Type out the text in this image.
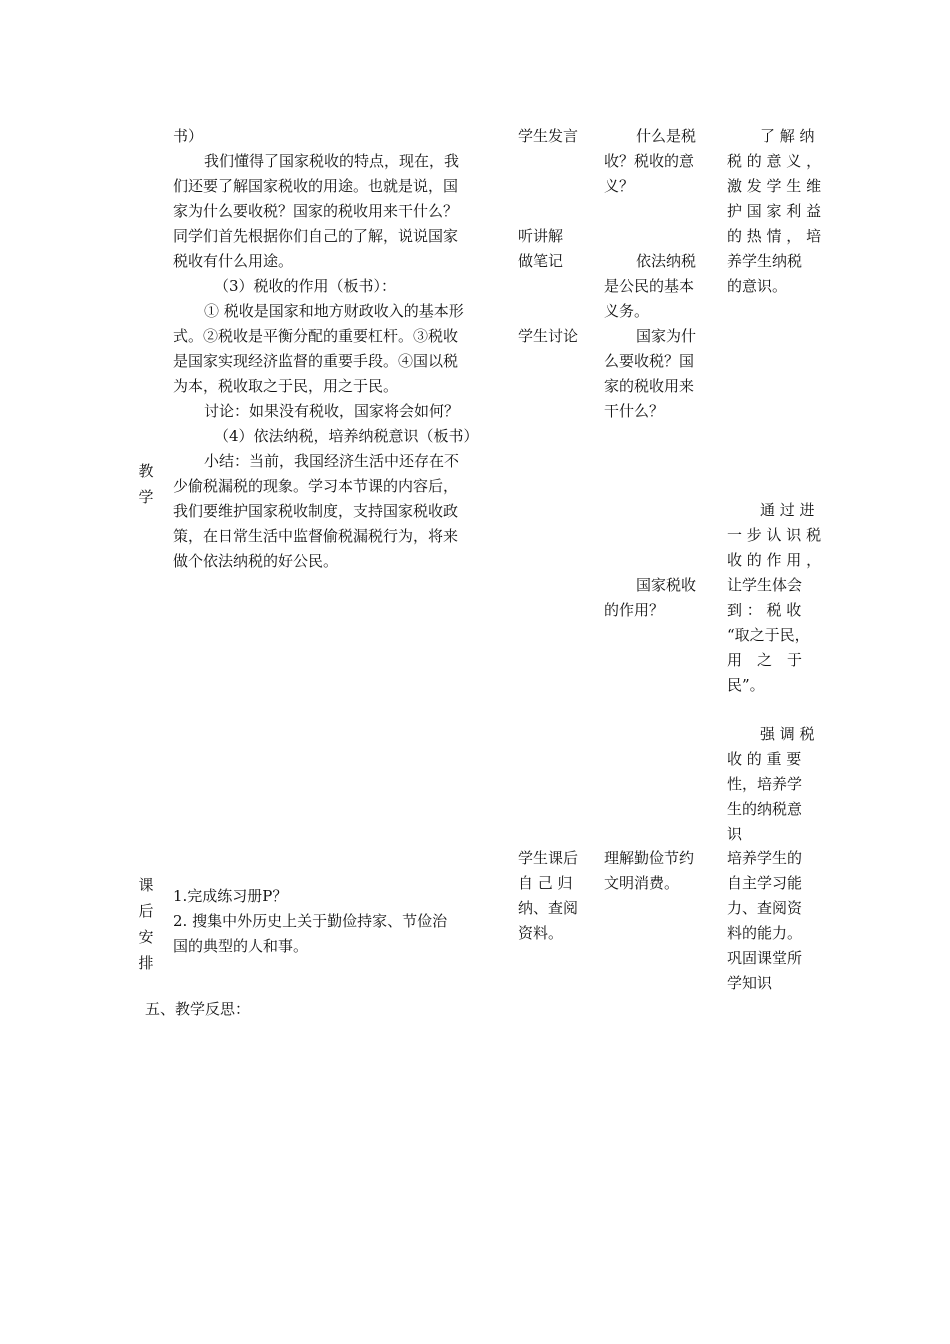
教
学
书）
我们懂得了国家税收的特点，现在，我
们还要了解国家税收的用途。也就是说，国
家为什么要收税？国家的税收用来干什么？
同学们首先根据你们自己的了解，说说国家
税收有什么用途。
（3）税收的作用（板书）：
① 税收是国家和地方财政收入的基本形
式。②税收是平衡分配的重要杠杆。③税收
是国家实现经济监督的重要手段。④国以税
为本，税收取之于民，用之于民。
讨论：如果没有税收，国家将会如何？
（4）依法纳税，培养纳税意识（板书）
小结：当前，我国经济生活中还存在不
少偷税漏税的现象。学习本节课的内容后，
我们要维护国家税收制度，支持国家税收政
策，在日常生活中监督偷税漏税行为，将来
做个依法纳税的好公民。
学生发言
听讲解
做笔记
学生讨论
什么是税
收？税收的意
义？
依法纳税
是公民的基本
义务。
国家为什
么要收税？国
家的税收用来
干什么？
国家税收
的作用？
了 解 纳
税 的 意 义 ，
激 发 学 生 维
护 国 家 利 益
的 热 情 ， 培
养学生纳税
的意识。
通 过 进
一 步 认 识 税
收 的 作 用 ，
让学生体会
到 ： 税 收
“取之于民，
用　之　于
民”。
强 调 税
收 的 重 要
性，培养学
生的纳税意
识
课
后
安
排
1.完成练习册P？
2. 搜集中外历史上关于勤俭持家、节俭治
国的典型的人和事。
学生课后
自 己 归
纳、查阅
资料。
理解勤俭节约
文明消费。
培养学生的
自主学习能
力、查阅资
料的能力。
巩固课堂所
学知识
五、教学反思：
